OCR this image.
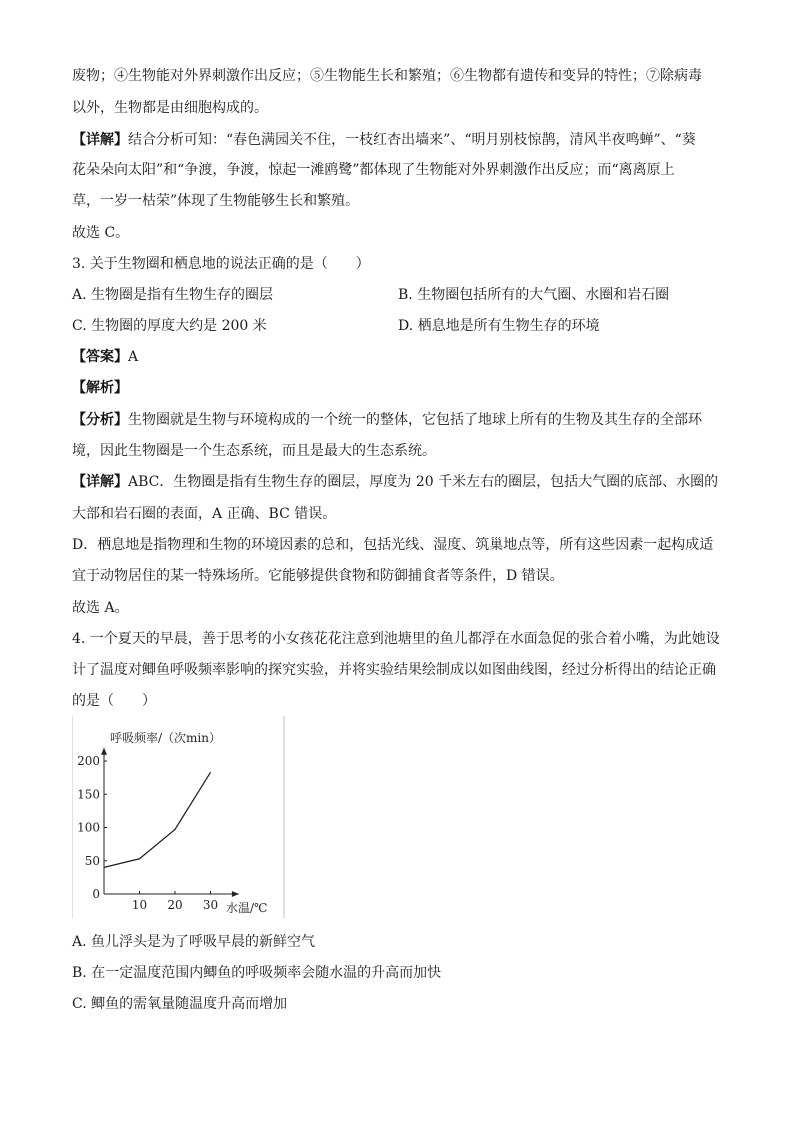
废物；④生物能对外界刺激作出反应；⑤生物能生长和繁殖；⑥生物都有遗传和变异的特性；⑦除病毒
以外，生物都是由细胞构成的。
【详解】结合分析可知：“春色满园关不住，一枝红杏出墙来”、“明月别枝惊鹊，清风半夜鸣蝉”、“葵
花朵朵向太阳”和“争渡，争渡，惊起一滩鸥鹭”都体现了生物能对外界刺激作出反应；而“离离原上
草，一岁一枯荣”体现了生物能够生长和繁殖。
故选 C。
3. 关于生物圈和栖息地的说法正确的是（　　）
A. 生物圈是指有生物生存的圈层	B. 生物圈包括所有的大气圈、水圈和岩石圈
C. 生物圈的厚度大约是 200 米	D. 栖息地是所有生物生存的环境
【答案】A
【解析】
【分析】生物圈就是生物与环境构成的一个统一的整体，它包括了地球上所有的生物及其生存的全部环
境，因此生物圈是一个生态系统，而且是最大的生态系统。
【详解】ABC．生物圈是指有生物生存的圈层，厚度为 20 千米左右的圈层，包括大气圈的底部、水圈的
大部和岩石圈的表面，A 正确、BC 错误。
D．栖息地是指物理和生物的环境因素的总和，包括光线、湿度、筑巢地点等，所有这些因素一起构成适
宜于动物居住的某一特殊场所。它能够提供食物和防御捕食者等条件，D 错误。
故选 A。
4. 一个夏天的早晨，善于思考的小女孩花花注意到池塘里的鱼儿都浮在水面急促的张合着小嘴，为此她设
计了温度对鲫鱼呼吸频率影响的探究实验，并将实验结果绘制成以如图曲线图，经过分析得出的结论正确
的是（　　）
0
50
100
150
200
10 20 30
呼吸频率/（次min）
水温/℃
A. 鱼儿浮头是为了呼吸早晨的新鲜空气
B. 在一定温度范围内鲫鱼的呼吸频率会随水温的升高而加快
C. 鲫鱼的需氧量随温度升高而增加
